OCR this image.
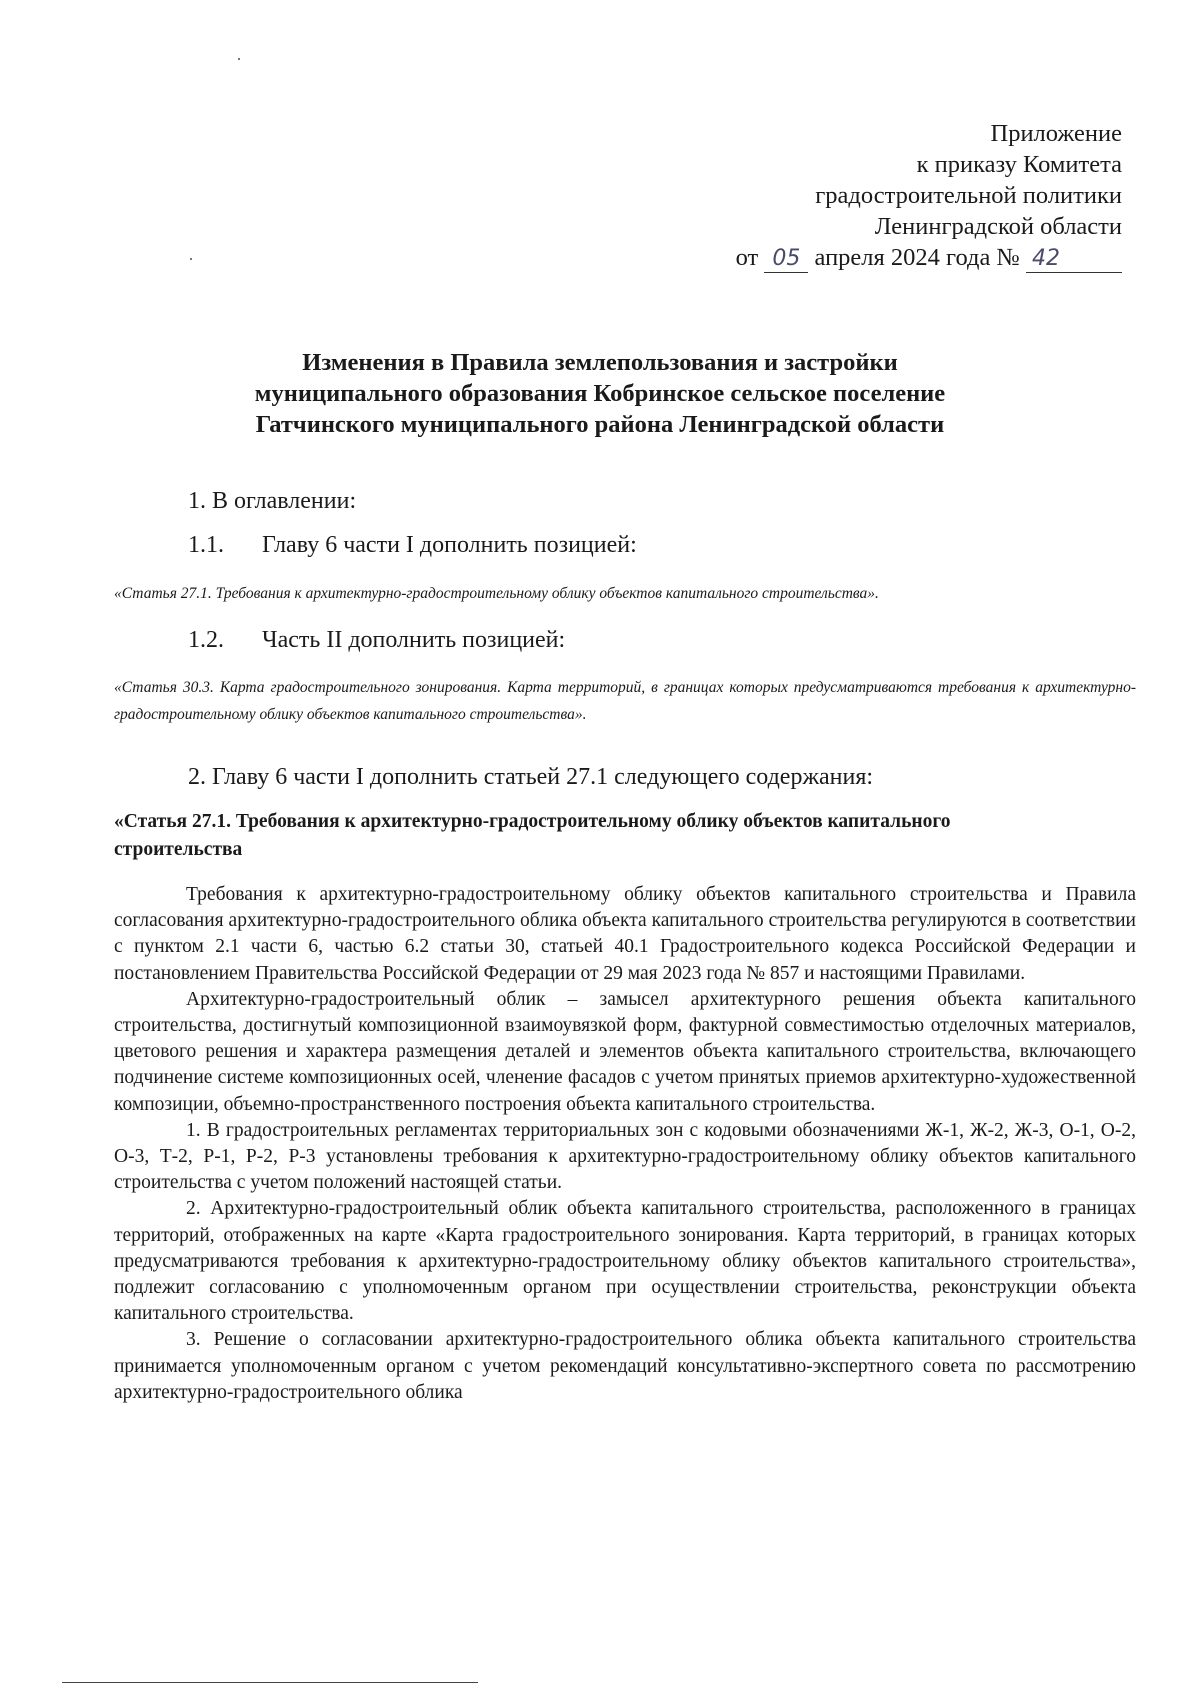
Приложение
к приказу Комитета
градостроительной политики
Ленинградской области
от 05 апреля 2024 года № 42
Изменения в Правила землепользования и застройки
муниципального образования Кобринское сельское поселение
Гатчинского муниципального района Ленинградской области
1. В оглавлении:
1.1. Главу 6 части I дополнить позицией:
«Статья 27.1. Требования к архитектурно-градостроительному облику объектов капитального строительства».
1.2. Часть II дополнить позицией:
«Статья 30.3. Карта градостроительного зонирования. Карта территорий, в границах которых предусматриваются требования к архитектурно-градостроительному облику объектов капитального строительства».
2. Главу 6 части I дополнить статьей 27.1 следующего содержания:
«Статья 27.1. Требования к архитектурно-градостроительному облику объектов капитального строительства

Требования к архитектурно-градостроительному облику объектов капитального строительства и Правила согласования архитектурно-градостроительного облика объекта капитального строительства регулируются в соответствии с пунктом 2.1 части 6, частью 6.2 статьи 30, статьей 40.1 Градостроительного кодекса Российской Федерации и постановлением Правительства Российской Федерации от 29 мая 2023 года № 857 и настоящими Правилами.

Архитектурно-градостроительный облик – замысел архитектурного решения объекта капитального строительства, достигнутый композиционной взаимоувязкой форм, фактурной совместимостью отделочных материалов, цветового решения и характера размещения деталей и элементов объекта капитального строительства, включающего подчинение системе композиционных осей, членение фасадов с учетом принятых приемов архитектурно-художественной композиции, объемно-пространственного построения объекта капитального строительства.

1. В градостроительных регламентах территориальных зон с кодовыми обозначениями Ж-1, Ж-2, Ж-3, О-1, О-2, О-3, Т-2, Р-1, Р-2, Р-3 установлены требования к архитектурно-градостроительному облику объектов капитального строительства с учетом положений настоящей статьи.

2. Архитектурно-градостроительный облик объекта капитального строительства, расположенного в границах территорий, отображенных на карте «Карта градостроительного зонирования. Карта территорий, в границах которых предусматриваются требования к архитектурно-градостроительному облику объектов капитального строительства», подлежит согласованию с уполномоченным органом при осуществлении строительства, реконструкции объекта капитального строительства.

3. Решение о согласовании архитектурно-градостроительного облика объекта капитального строительства принимается уполномоченным органом с учетом рекомендаций консультативно-экспертного совета по рассмотрению архитектурно-градостроительного облика
